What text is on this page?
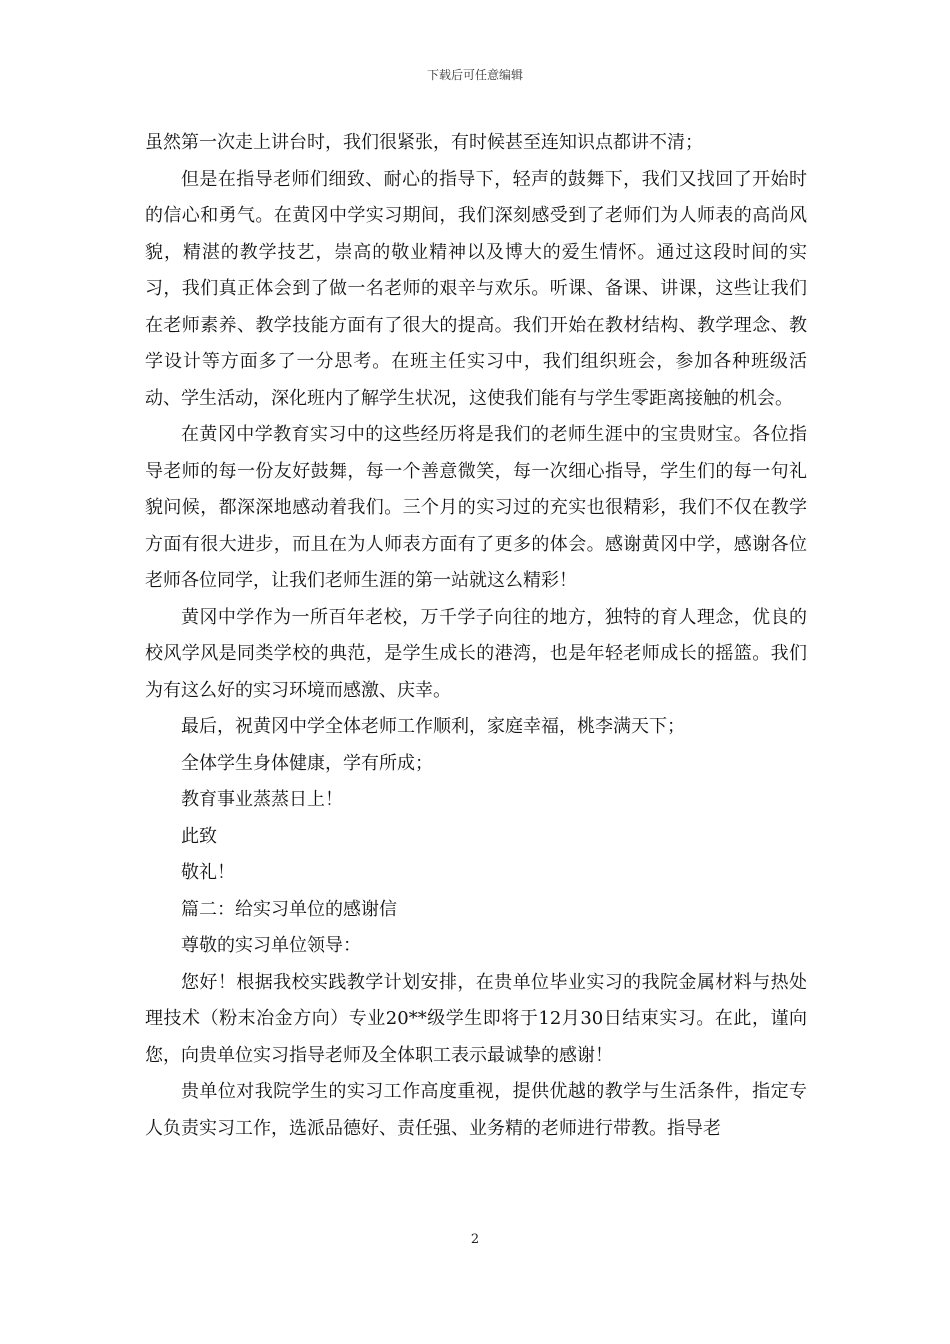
下载后可任意编辑

虽然第一次走上讲台时，我们很紧张，有时候甚至连知识点都讲不清；

但是在指导老师们细致、耐心的指导下，轻声的鼓舞下，我们又找回了开始时的信心和勇气。在黄冈中学实习期间，我们深刻感受到了老师们为人师表的高尚风貌，精湛的教学技艺，崇高的敬业精神以及博大的爱生情怀。通过这段时间的实习，我们真正体会到了做一名老师的艰辛与欢乐。听课、备课、讲课，这些让我们在老师素养、教学技能方面有了很大的提高。我们开始在教材结构、教学理念、教学设计等方面多了一分思考。在班主任实习中，我们组织班会，参加各种班级活动、学生活动，深化班内了解学生状况，这使我们能有与学生零距离接触的机会。

在黄冈中学教育实习中的这些经历将是我们的老师生涯中的宝贵财宝。各位指导老师的每一份友好鼓舞，每一个善意微笑，每一次细心指导，学生们的每一句礼貌问候，都深深地感动着我们。三个月的实习过的充实也很精彩，我们不仅在教学方面有很大进步，而且在为人师表方面有了更多的体会。感谢黄冈中学，感谢各位老师各位同学，让我们老师生涯的第一站就这么精彩！

黄冈中学作为一所百年老校，万千学子向往的地方，独特的育人理念，优良的校风学风是同类学校的典范，是学生成长的港湾，也是年轻老师成长的摇篮。我们为有这么好的实习环境而感激、庆幸。

最后，祝黄冈中学全体老师工作顺利，家庭幸福，桃李满天下；

全体学生身体健康，学有所成；

教育事业蒸蒸日上！

此致

敬礼！

篇二：给实习单位的感谢信

尊敬的实习单位领导：

您好！根据我校实践教学计划安排，在贵单位毕业实习的我院金属材料与热处理技术（粉末冶金方向）专业20**级学生即将于12月30日结束实习。在此，谨向您，向贵单位实习指导老师及全体职工表示最诚挚的感谢！

贵单位对我院学生的实习工作高度重视，提供优越的教学与生活条件，指定专人负责实习工作，选派品德好、责任强、业务精的老师进行带教。指导老

2
